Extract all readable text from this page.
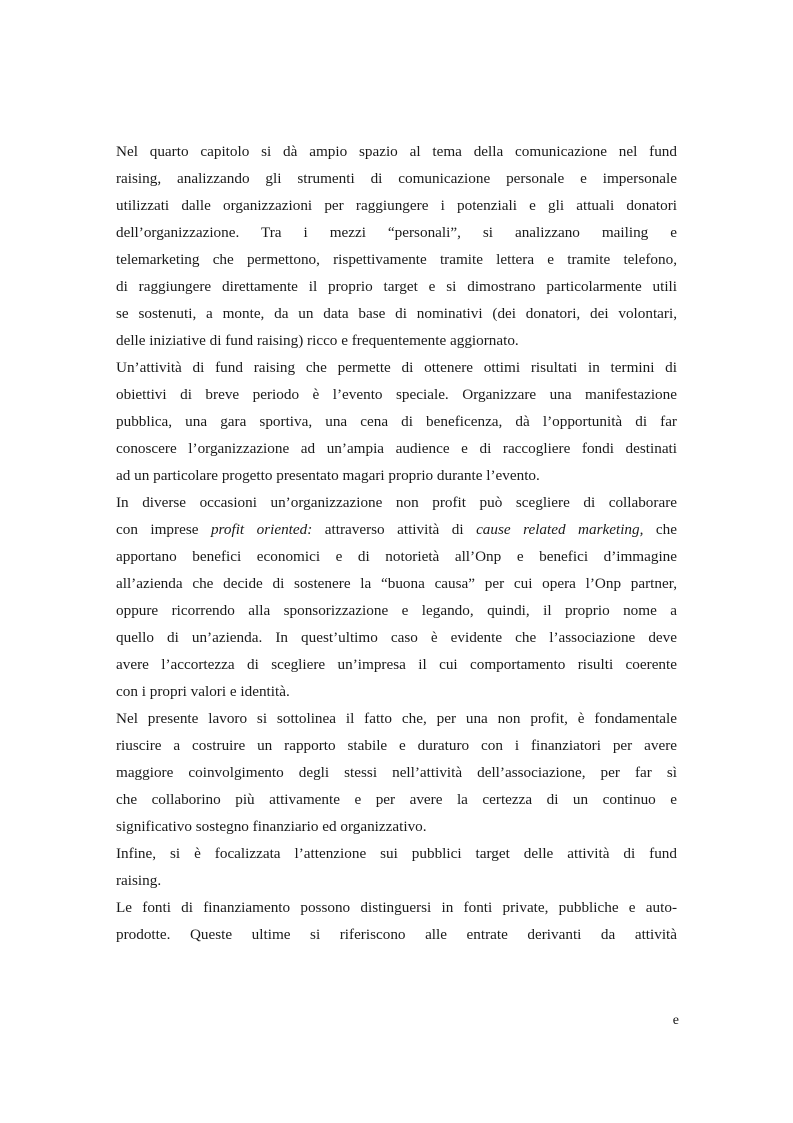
Nel quarto capitolo si dà ampio spazio al tema della comunicazione nel fund
raising, analizzando gli strumenti di comunicazione personale e impersonale
utilizzati dalle organizzazioni per raggiungere i potenziali e gli attuali donatori
dell’organizzazione. Tra i mezzi “personali”, si analizzano mailing e
telemarketing che permettono, rispettivamente tramite lettera e tramite telefono,
di raggiungere direttamente il proprio target e si dimostrano particolarmente utili
se sostenuti, a monte, da un data base di nominativi (dei donatori, dei volontari,
delle iniziative di fund raising) ricco e frequentemente aggiornato.
Un’attività di fund raising che permette di ottenere ottimi risultati in termini di
obiettivi di breve periodo è l’evento speciale. Organizzare una manifestazione
pubblica, una gara sportiva, una cena di beneficenza, dà l’opportunità di far
conoscere l’organizzazione ad un’ampia audience e di raccogliere fondi destinati
ad un particolare progetto presentato magari proprio durante l’evento.
In diverse occasioni un’organizzazione non profit può scegliere di collaborare
con imprese profit oriented: attraverso attività di cause related marketing, che
apportano benefici economici e di notorietà all’Onp e benefici d’immagine
all’azienda che decide di sostenere la “buona causa” per cui opera l’Onp partner,
oppure ricorrendo alla sponsorizzazione e legando, quindi, il proprio nome a
quello di un’azienda. In quest’ultimo caso è evidente che l’associazione deve
avere l’accortezza di scegliere un’impresa il cui comportamento risulti coerente
con i propri valori e identità.
Nel presente lavoro si sottolinea il fatto che, per una non profit, è fondamentale
riuscire a costruire un rapporto stabile e duraturo con i finanziatori per avere
maggiore coinvolgimento degli stessi nell’attività dell’associazione, per far sì
che collaborino più attivamente e per avere la certezza di un continuo e
significativo sostegno finanziario ed organizzativo.
Infine, si è focalizzata l’attenzione sui pubblici target delle attività di fund
raising.
Le fonti di finanziamento possono distinguersi in fonti private, pubbliche e auto-
prodotte. Queste ultime si riferiscono alle entrate derivanti da attività
e
